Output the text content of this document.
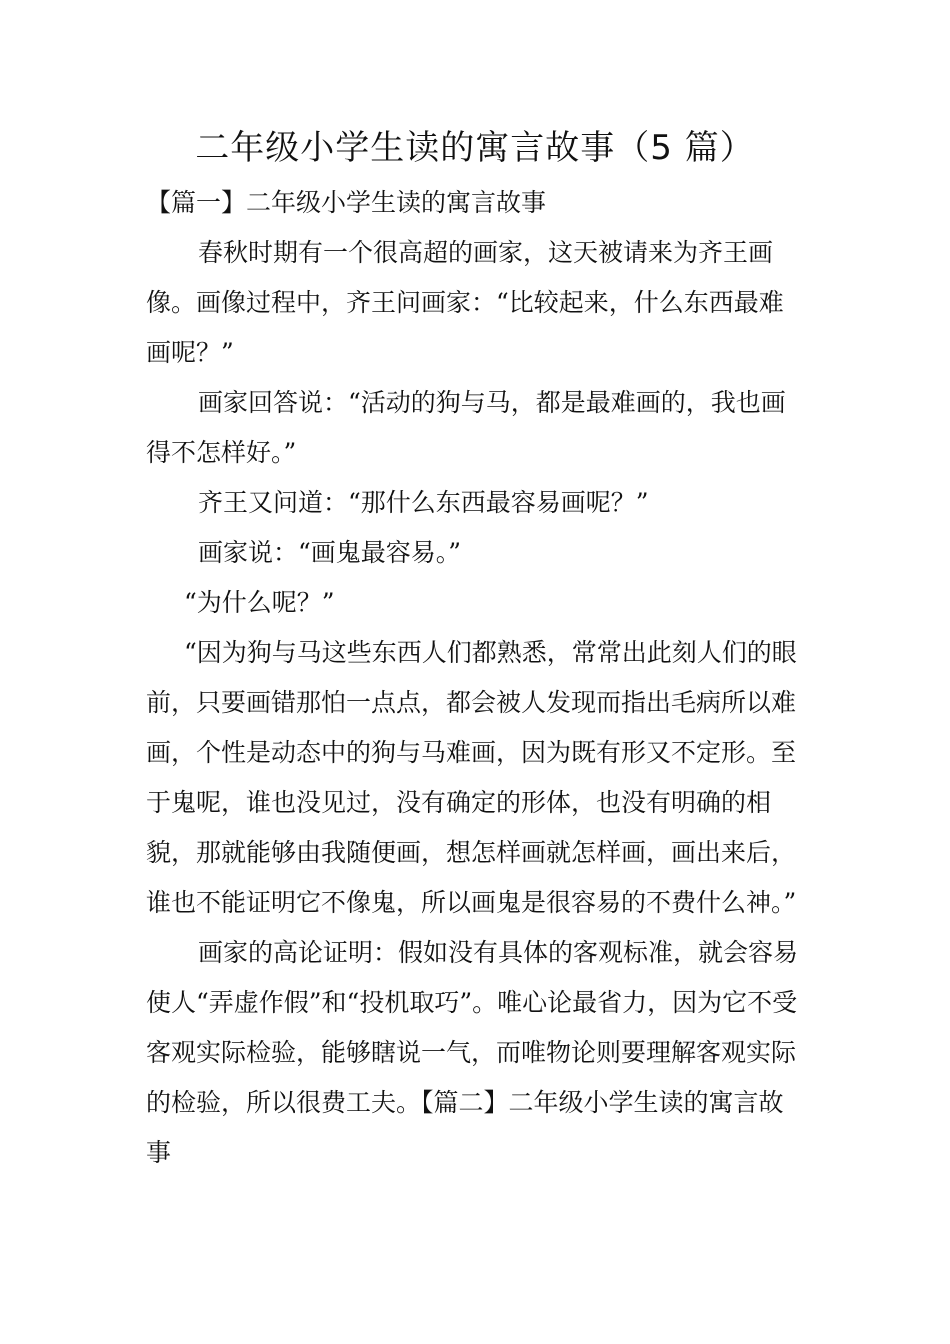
二年级小学生读的寓言故事（5 篇）

【篇一】二年级小学生读的寓言故事

春秋时期有一个很高超的画家，这天被请来为齐王画像。画像过程中，齐王问画家：“比较起来，什么东西最难画呢？”

画家回答说：“活动的狗与马，都是最难画的，我也画得不怎样好。”

齐王又问道：“那什么东西最容易画呢？”

画家说：“画鬼最容易。”

“为什么呢？”

“因为狗与马这些东西人们都熟悉，常常出此刻人们的眼前，只要画错那怕一点点，都会被人发现而指出毛病所以难画，个性是动态中的狗与马难画，因为既有形又不定形。至于鬼呢，谁也没见过，没有确定的形体，也没有明确的相貌，那就能够由我随便画，想怎样画就怎样画，画出来后，谁也不能证明它不像鬼，所以画鬼是很容易的不费什么神。”

画家的高论证明：假如没有具体的客观标准，就会容易使人“弄虚作假”和“投机取巧”。唯心论最省力，因为它不受客观实际检验，能够瞎说一气，而唯物论则要理解客观实际的检验，所以很费工夫。【篇二】二年级小学生读的寓言故事
